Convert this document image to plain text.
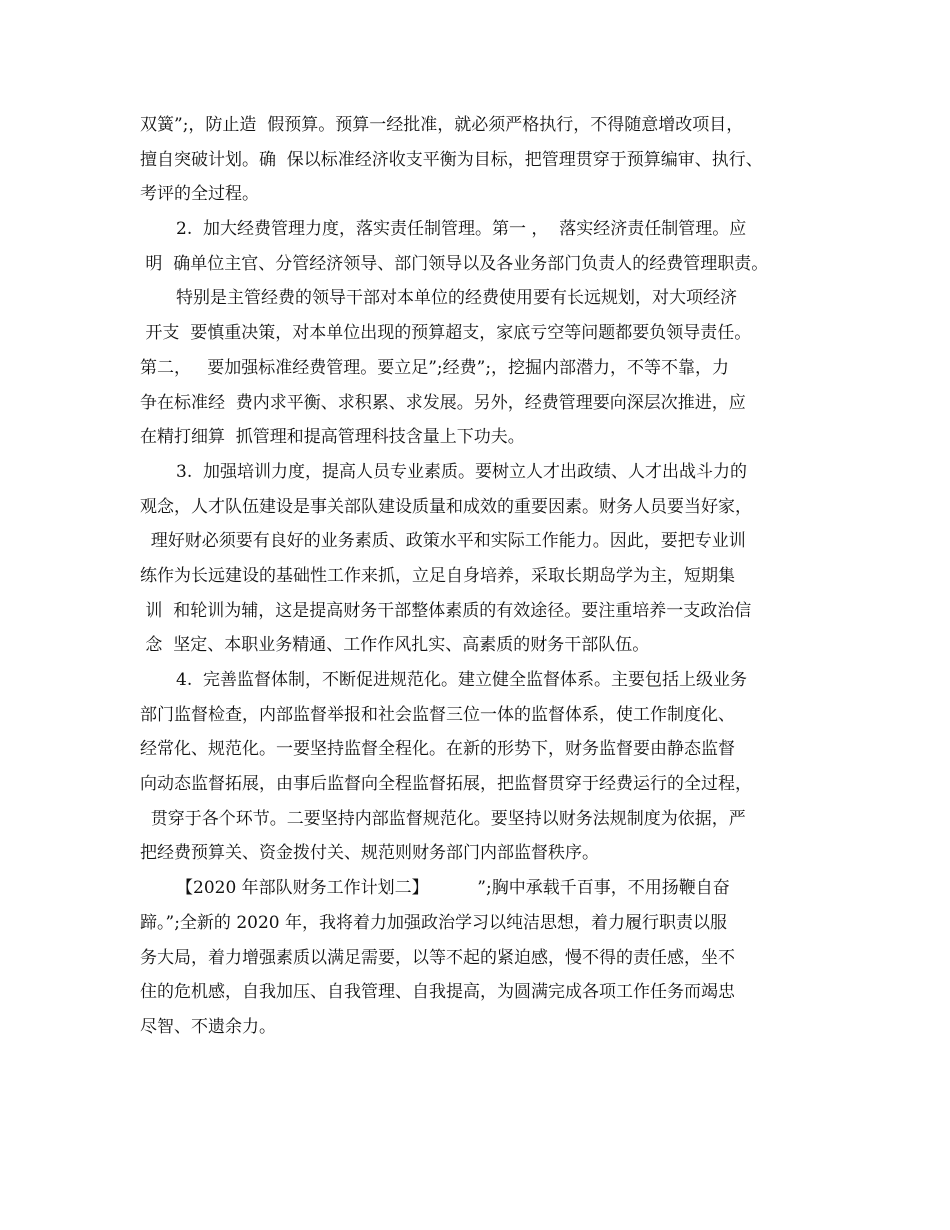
双簧”;，防止造  假预算。预算一经批准，就必须严格执行，不得随意增改项目，
擅自突破计划。确  保以标准经济收支平衡为目标，把管理贯穿于预算编审、执行、
考评的全过程。
2.  加大经费管理力度，落实责任制管理。第一 ，  落实经济责任制管理。应
明  确单位主官、分管经济领导、部门领导以及各业务部门负责人的经费管理职责。
特别是主管经费的领导干部对本单位的经费使用要有长远规划，对大项经济
开支  要慎重决策，对本单位出现的预算超支，家底亏空等问题都要负领导责任。
第二，   要加强标准经费管理。要立足”;经费”;，挖掘内部潜力，不等不靠，力
争在标准经  费内求平衡、求积累、求发展。另外，经费管理要向深层次推进，应
在精打细算  抓管理和提高管理科技含量上下功夫。
3.  加强培训力度，提高人员专业素质。要树立人才出政绩、人才出战斗力的
观念，人才队伍建设是事关部队建设质量和成效的重要因素。财务人员要当好家，
理好财必须要有良好的业务素质、政策水平和实际工作能力。因此，要把专业训
练作为长远建设的基础性工作来抓，立足自身培养，采取长期岛学为主，短期集
训  和轮训为辅，这是提高财务干部整体素质的有效途径。要注重培养一支政治信
念  坚定、本职业务精通、工作作风扎实、高素质的财务干部队伍。
4.  完善监督体制，不断促进规范化。建立健全监督体系。主要包括上级业务
部门监督检查，内部监督举报和社会监督三位一体的监督体系，使工作制度化、
经常化、规范化。一要坚持监督全程化。在新的形势下，财务监督要由静态监督
向动态监督拓展，由事后监督向全程监督拓展，把监督贯穿于经费运行的全过程，
贯穿于各个环节。二要坚持内部监督规范化。要坚持以财务法规制度为依据，严
把经费预算关、资金拨付关、规范则财务部门内部监督秩序。
【2020 年部队财务工作计划二】         ”;胸中承载千百事，不用扬鞭自奋
蹄。”;全新的 2020 年，我将着力加强政治学习以纯洁思想，着力履行职责以服
务大局，着力增强素质以满足需要，以等不起的紧迫感，慢不得的责任感，坐不
住的危机感，自我加压、自我管理、自我提高，为圆满完成各项工作任务而竭忠
尽智、不遗余力。
